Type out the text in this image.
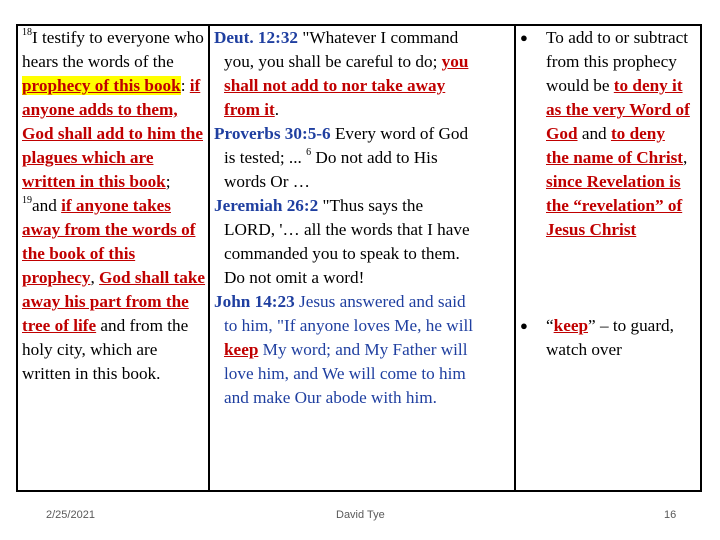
$^{18}$I testify to everyone who hears the words of the prophecy of this book: if anyone adds to them, God shall add to him the plagues which are written in this book; $^{19}$and if anyone takes away from the words of the book of this prophecy, God shall take away his part from the tree of life and from the holy city, which are written in this book.
Deut. 12:32 "Whatever I command
you, you shall be careful to do; you
shall not add to nor take away
from it.
Proverbs 30:5-6 Every word of God
is tested; ... $^6$ Do not add to His
words Or …
Jeremiah 26:2 "Thus says the
LORD, '… all the words that I have
commanded you to speak to them.
Do not omit a word!
John 14:23 Jesus answered and said
to him, "If anyone loves Me, he will
keep My word; and My Father will
love him, and We will come to him
and make Our abode with him.
●	To add to or subtract from this prophecy would be to deny it as the very Word of God and to deny the name of Christ, since Revelation is the “revelation” of Jesus Christ
●	“keep” – to guard, watch over
2/25/2021	David Tye	16
